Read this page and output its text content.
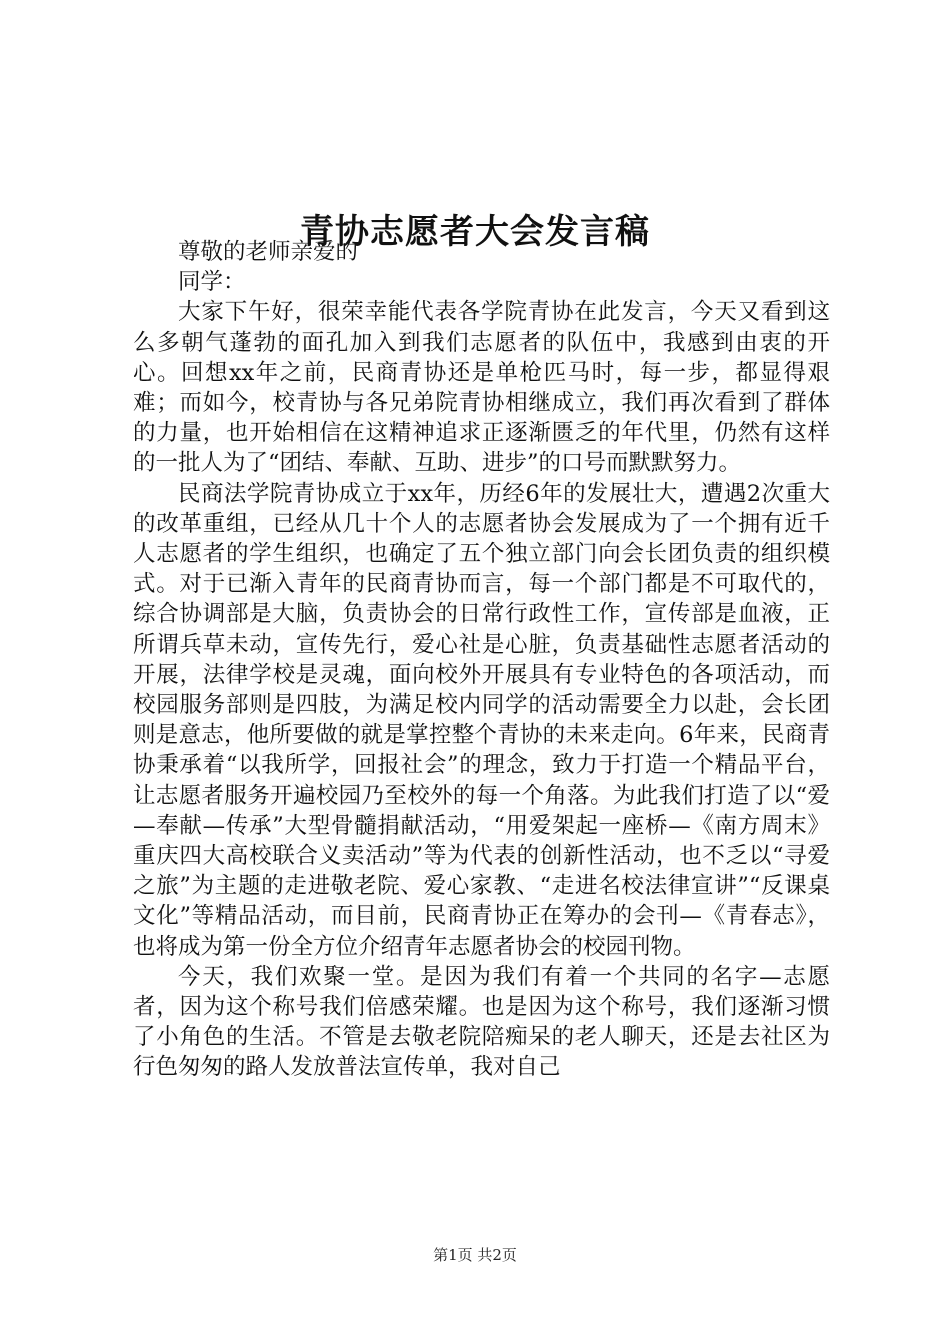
青协志愿者大会发言稿

尊敬的老师亲爱的

同学：

大家下午好，很荣幸能代表各学院青协在此发言，今天又看到这么多朝气蓬勃的面孔加入到我们志愿者的队伍中，我感到由衷的开心。回想xx年之前，民商青协还是单枪匹马时，每一步，都显得艰难；而如今，校青协与各兄弟院青协相继成立，我们再次看到了群体的力量，也开始相信在这精神追求正逐渐匮乏的年代里，仍然有这样的一批人为了“团结、奉献、互助、进步”的口号而默默努力。

民商法学院青协成立于xx年，历经6年的发展壮大，遭遇2次重大的改革重组，已经从几十个人的志愿者协会发展成为了一个拥有近千人志愿者的学生组织，也确定了五个独立部门向会长团负责的组织模式。对于已渐入青年的民商青协而言，每一个部门都是不可取代的，综合协调部是大脑，负责协会的日常行政性工作，宣传部是血液，正所谓兵草未动，宣传先行，爱心社是心脏，负责基础性志愿者活动的开展，法律学校是灵魂，面向校外开展具有专业特色的各项活动，而校园服务部则是四肢，为满足校内同学的活动需要全力以赴，会长团则是意志，他所要做的就是掌控整个青协的未来走向。6年来，民商青协秉承着“以我所学，回报社会”的理念，致力于打造一个精品平台，让志愿者服务开遍校园乃至校外的每一个角落。为此我们打造了以“爱—奉献—传承”大型骨髓捐献活动，“用爱架起一座桥—《南方周末》重庆四大高校联合义卖活动”等为代表的创新性活动，也不乏以“寻爱之旅”为主题的走进敬老院、爱心家教、“走进名校法律宣讲”“反课桌文化”等精品活动，而目前，民商青协正在筹办的会刊—《青春志》，也将成为第一份全方位介绍青年志愿者协会的校园刊物。

今天，我们欢聚一堂。是因为我们有着一个共同的名字—志愿者，因为这个称号我们倍感荣耀。也是因为这个称号，我们逐渐习惯了小角色的生活。不管是去敬老院陪痴呆的老人聊天，还是去社区为行色匆匆的路人发放普法宣传单，我对自己

第1页 共2页
